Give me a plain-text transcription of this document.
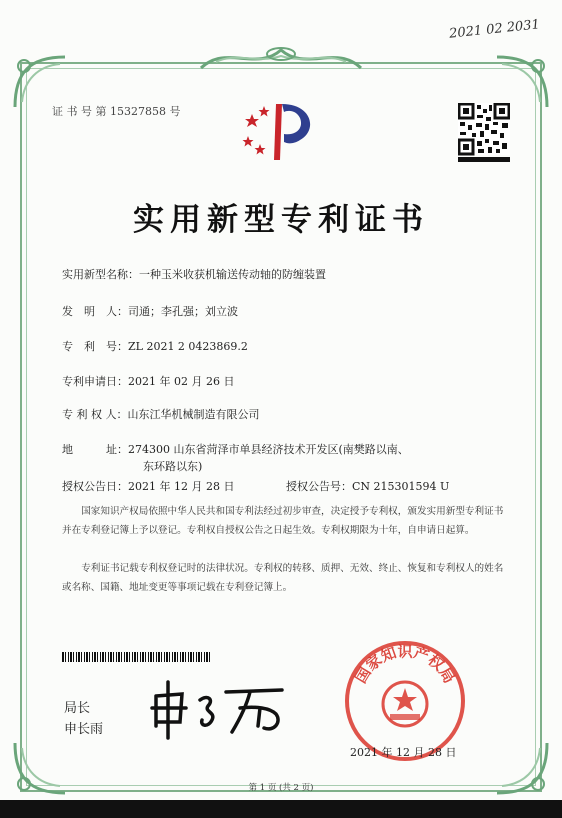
2021 02 2031
证 书 号 第 15327858 号
实用新型专利证书
实用新型名称：一种玉米收获机输送传动轴的防缠装置
发　明　人：司通；李孔强；刘立波
专　利　号：ZL 2021 2 0423869.2
专利申请日：2021 年 02 月 26 日
专 利 权 人：山东江华机械制造有限公司
地　　　址：274300 山东省菏泽市单县经济技术开发区(南樊路以南、
东环路以东)
授权公告日：2021 年 12 月 28 日	授权公告号：CN 215301594 U
国家知识产权局依照中华人民共和国专利法经过初步审查，决定授予专利权，颁发实用新型专利证书并在专利登记簿上予以登记。专利权自授权公告之日起生效。专利权期限为十年，自申请日起算。
专利证书记载专利权登记时的法律状况。专利权的转移、质押、无效、终止、恢复和专利权人的姓名或名称、国籍、地址变更等事项记载在专利登记簿上。
局长
申长雨
国家知识产权局
2021 年 12 月 28 日
第 1 页 (共 2 页)
